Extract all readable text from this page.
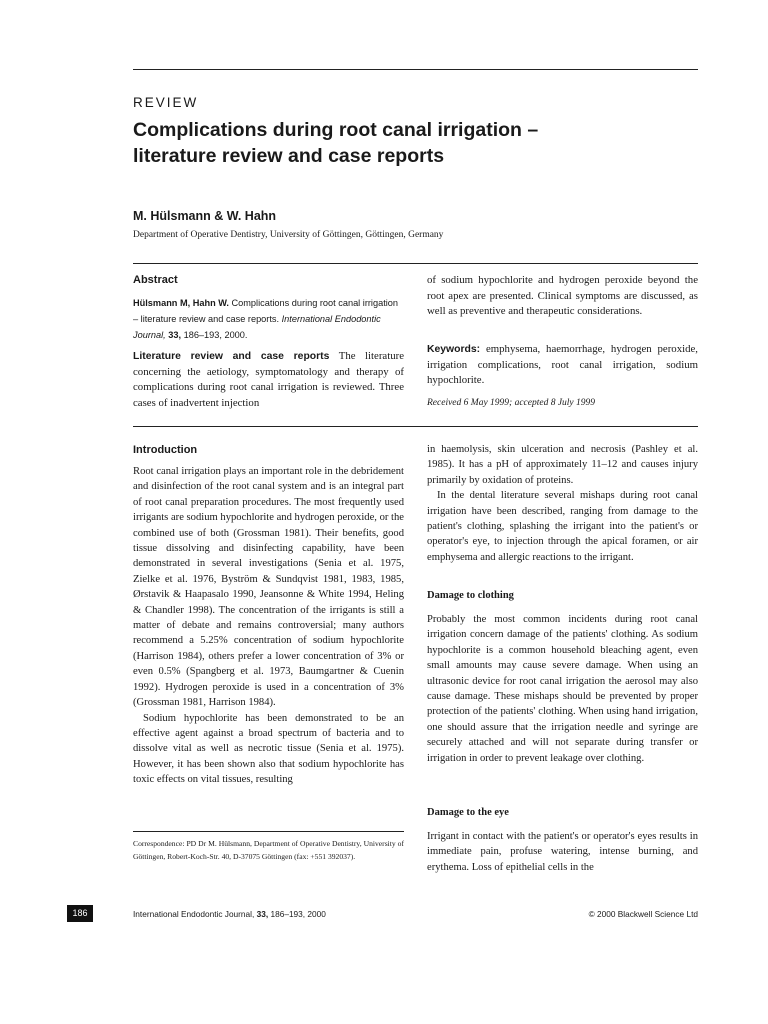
REVIEW
Complications during root canal irrigation –
literature review and case reports
M. Hülsmann & W. Hahn
Department of Operative Dentistry, University of Göttingen, Göttingen, Germany
Abstract
Hülsmann M, Hahn W. Complications during root canal irrigation – literature review and case reports. International Endodontic Journal, 33, 186–193, 2000.
Literature review and case reports The literature concerning the aetiology, symptomatology and therapy of complications during root canal irrigation is reviewed. Three cases of inadvertent injection
of sodium hypochlorite and hydrogen peroxide beyond the root apex are presented. Clinical symptoms are discussed, as well as preventive and therapeutic considerations.
Keywords: emphysema, haemorrhage, hydrogen peroxide, irrigation complications, root canal irrigation, sodium hypochlorite.
Received 6 May 1999; accepted 8 July 1999
Introduction
Root canal irrigation plays an important role in the debridement and disinfection of the root canal system and is an integral part of root canal preparation procedures. The most frequently used irrigants are sodium hypochlorite and hydrogen peroxide, or the combined use of both (Grossman 1981). Their benefits, good tissue dissolving and disinfecting capability, have been demonstrated in several investigations (Senia et al. 1975, Zielke et al. 1976, Byström & Sundqvist 1981, 1983, 1985, Ørstavik & Haapasalo 1990, Jeansonne & White 1994, Heling & Chandler 1998). The concentration of the irrigants is still a matter of debate and remains controversial; many authors recommend a 5.25% concentration of sodium hypochlorite (Harrison 1984), others prefer a lower concentration of 3% or even 0.5% (Spangberg et al. 1973, Baumgartner & Cuenin 1992). Hydrogen peroxide is used in a concentration of 3% (Grossman 1981, Harrison 1984).
Sodium hypochlorite has been demonstrated to be an effective agent against a broad spectrum of bacteria and to dissolve vital as well as necrotic tissue (Senia et al. 1975). However, it has been shown also that sodium hypochlorite has toxic effects on vital tissues, resulting
Correspondence: PD Dr M. Hülsmann, Department of Operative Dentistry, University of Göttingen, Robert-Koch-Str. 40, D-37075 Göttingen (fax: +551 392037).
in haemolysis, skin ulceration and necrosis (Pashley et al. 1985). It has a pH of approximately 11–12 and causes injury primarily by oxidation of proteins.
In the dental literature several mishaps during root canal irrigation have been described, ranging from damage to the patient's clothing, splashing the irrigant into the patient's or operator's eye, to injection through the apical foramen, or air emphysema and allergic reactions to the irrigant.
Damage to clothing
Probably the most common incidents during root canal irrigation concern damage of the patients' clothing. As sodium hypochlorite is a common household bleaching agent, even small amounts may cause severe damage. When using an ultrasonic device for root canal irrigation the aerosol may also cause damage. These mishaps should be prevented by proper protection of the patients' clothing. When using hand irrigation, one should assure that the irrigation needle and syringe are securely attached and will not separate during transfer or irrigation in order to prevent leakage over clothing.
Damage to the eye
Irrigant in contact with the patient's or operator's eyes results in immediate pain, profuse watering, intense burning, and erythema. Loss of epithelial cells in the
186	International Endodontic Journal, 33, 186–193, 2000	© 2000 Blackwell Science Ltd
